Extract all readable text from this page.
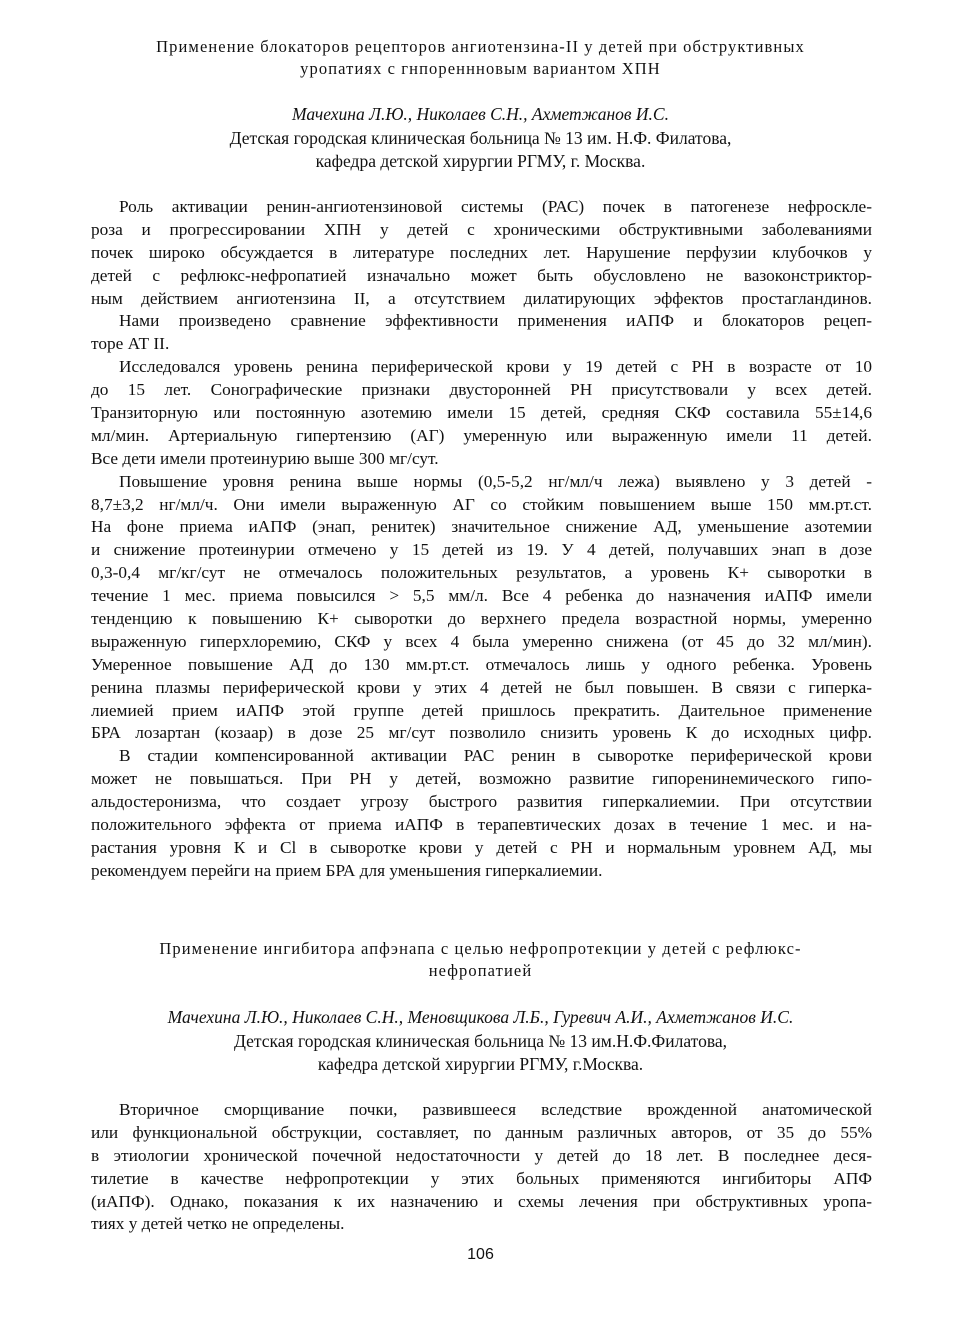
Применение блокаторов рецепторов ангиотензина-II у детей при обструктивных
уропатиях с гнпоренннoвым вариантом ХПН
Мачехина Л.Ю., Николаев С.Н., Ахметжанов И.С.
Детская городская клиническая больница № 13 им. Н.Ф. Филатова,
кафедра детской хирургии РГМУ, г. Москва.
Роль активации ренин-ангиотензиновой системы (РАС) почек в патогенезе нефроскле-
роза и прогрессировании ХПН у детей с хроническими обструктивными заболеваниями
почек широко обсуждается в литературе последних лет. Нарушение перфузии клубочков у
детей с рефлюкс-нефропатией изначально может быть обусловлено не вазоконстриктор-
ным действием ангиотензина II, а отсутствием дилатирующих эффектов простагландинов.
Нами произведено сравнение эффективности применения иАПФ и блокаторов рецеп-
торе АТ II.
Исследовался уровень ренина периферической крови у 19 детей с РН в возрасте от 10
до 15 лет. Сонографические признаки двусторонней РН присутствовали у всех детей.
Транзиторную или постоянную азотемию имели 15 детей, средняя СКФ составила 55±14,6
мл/мин. Артериальную гипертензию (АГ) умеренную или выраженную имели 11 детей.
Все дети имели протеинурию выше 300 мг/сут.
Повышение уровня ренина выше нормы (0,5-5,2 нг/мл/ч лежа) выявлено у 3 детей -
8,7±3,2 нг/мл/ч. Они имели выраженную АГ со стойким повышением выше 150 мм.рт.ст.
На фоне приема иАПФ (энап, ренитек) значительное снижение АД, уменьшение азотемии
и снижение протеинурии отмечено у 15 детей из 19. У 4 детей, получавших энап в дозе
0,3-0,4 мг/кг/сут не отмечалось положительных результатов, а уровень К+ сыворотки в
течение 1 мес. приема повысился > 5,5 мм/л. Все 4 ребенка до назначения иАПФ имели
тенденцию к повышению К+ сыворотки до верхнего предела возрастной нормы, умеренно
выраженную гиперхлоремию, СКФ у всех 4 была умеренно снижена (от 45 до 32 мл/мин).
Умеренное повышение АД до 130 мм.рт.ст. отмечалось лишь у одного ребенка. Уровень
ренина плазмы периферической крови у этих 4 детей не был повышен. В связи с гиперка-
лиемией прием иАПФ этой группе детей пришлось прекратить. Даительное применение
БРА лозартан (козаар) в дозе 25 мг/сут позволило снизить уровень К до исходных цифр.
В стадии компенсированной активации РАС ренин в сыворотке периферической крови
может не повышаться. При РН у детей, возможно развитие гипоренинемического гипо-
альдостеронизма, что создает угрозу быстрого развития гиперкалиемии. При отсутствии
положительного эффекта от приема иАПФ в терапевтических дозах в течение 1 мес. и на-
растания уровня К и Cl в сыворотке крови у детей с РН и нормальным уровнем АД, мы
рекомендуем перейги на прием БРА для уменьшения гиперкалиемии.
Применение ингибитора апфэнапа с целью нефропротекции у детей с рефлюкс-
нефропатией
Мачехина Л.Ю., Николаев С.Н., Меновщикова Л.Б., Гуревич А.И., Ахметжанов И.С.
Детская городская клиническая больница № 13 им.Н.Ф.Филатова,
кафедра детской хирургии РГМУ, г.Москва.
Вторичное сморщивание почки, развившееся вследствие врожденной анатомической
или функциональной обструкции, составляет, по данным различных авторов, от 35 до 55%
в этиологии хронической почечной недостаточности у детей до 18 лет. В последнее деся-
тилетие в качестве нефропротекции у этих больных применяются ингибиторы АПФ
(иАПФ). Однако, показания к их назначению и схемы лечения при обструктивных уропа-
тиях у детей четко не определены.
106
